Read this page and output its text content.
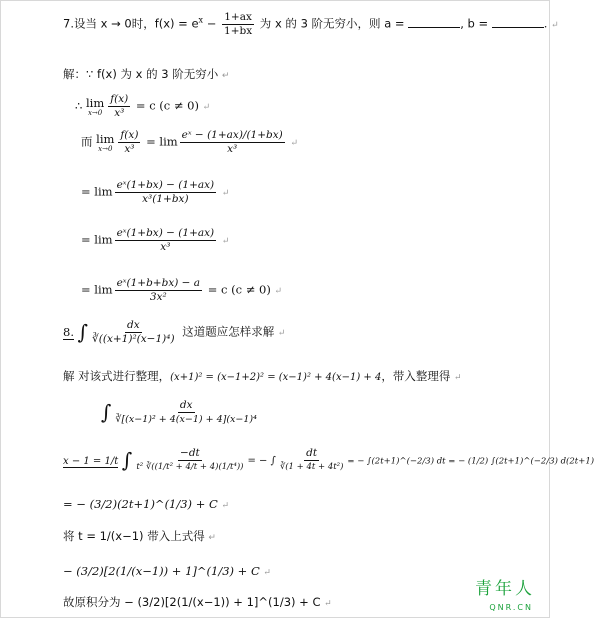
7.设当 x → 0时，$f(x) = e^x - \frac{1+ax}{1+bx}$ 为 x 的 3 阶无穷小，则 a =	, b =	. ↵
解：∵ f(x) 为 x 的 3 阶无穷小 ↵
∴ lim
$x\to 0 \frac{f(x)}{\text{x³}} = c$ (c ≠ 0) ↵
而 lim
$x\to 0 \frac{f(x)}{\text{x³}} = \lim \frac{\text{eˣ − (1+ax)/(1+bx)}}{\text{x³}}$ ↵
= $\lim \frac{\text{eˣ(1+bx) − (1+ax)}}{\text{x³(1+bx)}}$ ↵
= $\lim \frac{\text{eˣ(1+bx) − (1+ax)}}{\text{x³}}$ ↵
= $\lim \frac{\text{eˣ(1+b+bx) − a}}{\text{3x²}} = c$ (c ≠ 0) ↵
8. ∫ $\frac{dx}{\text{∛((x+1)²(x−1)⁴)}}$ 这道题应怎样求解 ↵
解 对该式进行整理，(x+1)² = (x−1+2)² = (x−1)² + 4(x−1) + 4，带入整理得 ↵
∫ $\frac{dx}{\text{∛[(x−1)² + 4(x−1) + 4](x−1)⁴}}$
x − 1 = 1/t ∫ $\frac{-dt}{\text{t² ∛((1/t² + 4/t + 4)(1/t⁴))}}$ = − ∫ $\frac{dt}{\text{∛(1 + 4t + 4t²)}}$ = − ∫(2t+1)^(−2/3) dt = − (1/2) ∫(2t+1)^(−2/3) d(2t+1)
= − (3/2)(2t+1)^(1/3) + C ↵
将 t = 1/(x−1) 带入上式得 ↵
− (3/2)[2(1/(x−1)) + 1]^(1/3) + C ↵
故原积分为 − (3/2)[2(1/(x−1)) + 1]^(1/3) + C ↵
青年人
QNR.CN
